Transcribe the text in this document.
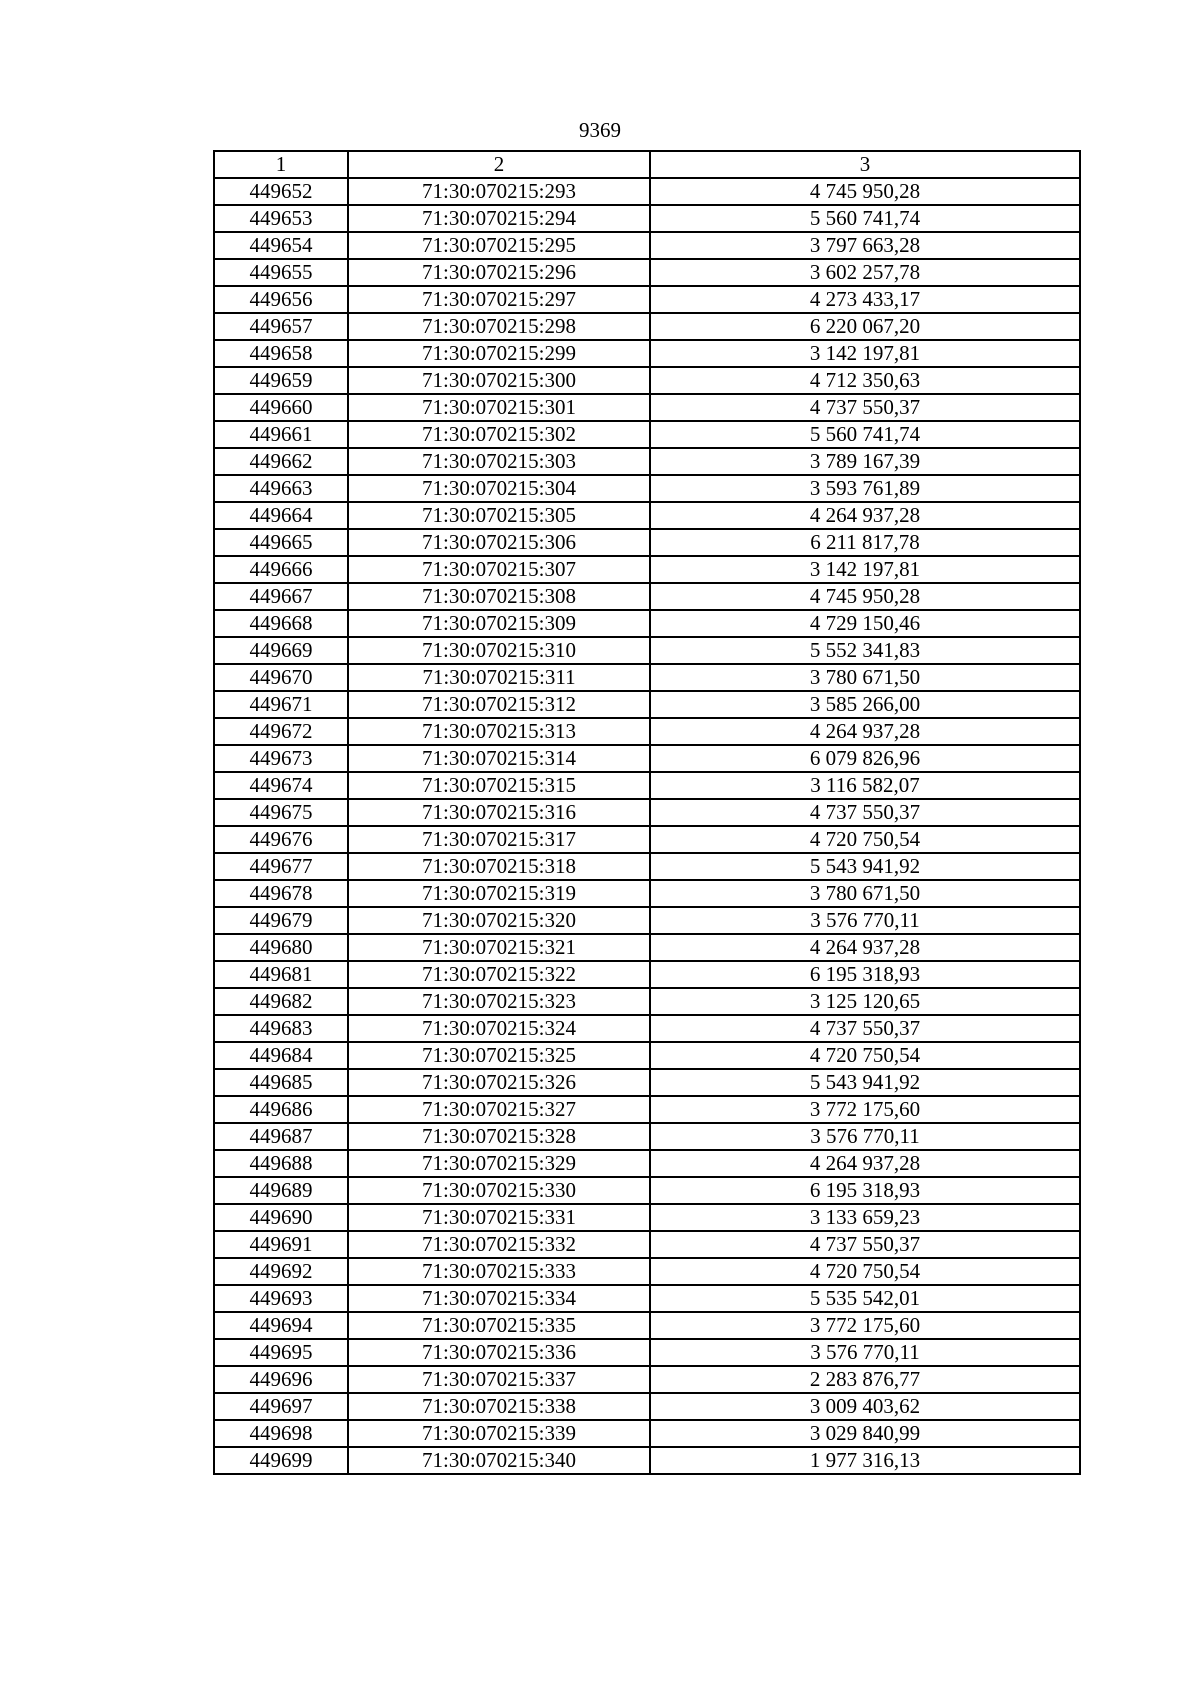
9369
1	2	3
449652	71:30:070215:293	4 745 950,28
449653	71:30:070215:294	5 560 741,74
449654	71:30:070215:295	3 797 663,28
449655	71:30:070215:296	3 602 257,78
449656	71:30:070215:297	4 273 433,17
449657	71:30:070215:298	6 220 067,20
449658	71:30:070215:299	3 142 197,81
449659	71:30:070215:300	4 712 350,63
449660	71:30:070215:301	4 737 550,37
449661	71:30:070215:302	5 560 741,74
449662	71:30:070215:303	3 789 167,39
449663	71:30:070215:304	3 593 761,89
449664	71:30:070215:305	4 264 937,28
449665	71:30:070215:306	6 211 817,78
449666	71:30:070215:307	3 142 197,81
449667	71:30:070215:308	4 745 950,28
449668	71:30:070215:309	4 729 150,46
449669	71:30:070215:310	5 552 341,83
449670	71:30:070215:311	3 780 671,50
449671	71:30:070215:312	3 585 266,00
449672	71:30:070215:313	4 264 937,28
449673	71:30:070215:314	6 079 826,96
449674	71:30:070215:315	3 116 582,07
449675	71:30:070215:316	4 737 550,37
449676	71:30:070215:317	4 720 750,54
449677	71:30:070215:318	5 543 941,92
449678	71:30:070215:319	3 780 671,50
449679	71:30:070215:320	3 576 770,11
449680	71:30:070215:321	4 264 937,28
449681	71:30:070215:322	6 195 318,93
449682	71:30:070215:323	3 125 120,65
449683	71:30:070215:324	4 737 550,37
449684	71:30:070215:325	4 720 750,54
449685	71:30:070215:326	5 543 941,92
449686	71:30:070215:327	3 772 175,60
449687	71:30:070215:328	3 576 770,11
449688	71:30:070215:329	4 264 937,28
449689	71:30:070215:330	6 195 318,93
449690	71:30:070215:331	3 133 659,23
449691	71:30:070215:332	4 737 550,37
449692	71:30:070215:333	4 720 750,54
449693	71:30:070215:334	5 535 542,01
449694	71:30:070215:335	3 772 175,60
449695	71:30:070215:336	3 576 770,11
449696	71:30:070215:337	2 283 876,77
449697	71:30:070215:338	3 009 403,62
449698	71:30:070215:339	3 029 840,99
449699	71:30:070215:340	1 977 316,13
